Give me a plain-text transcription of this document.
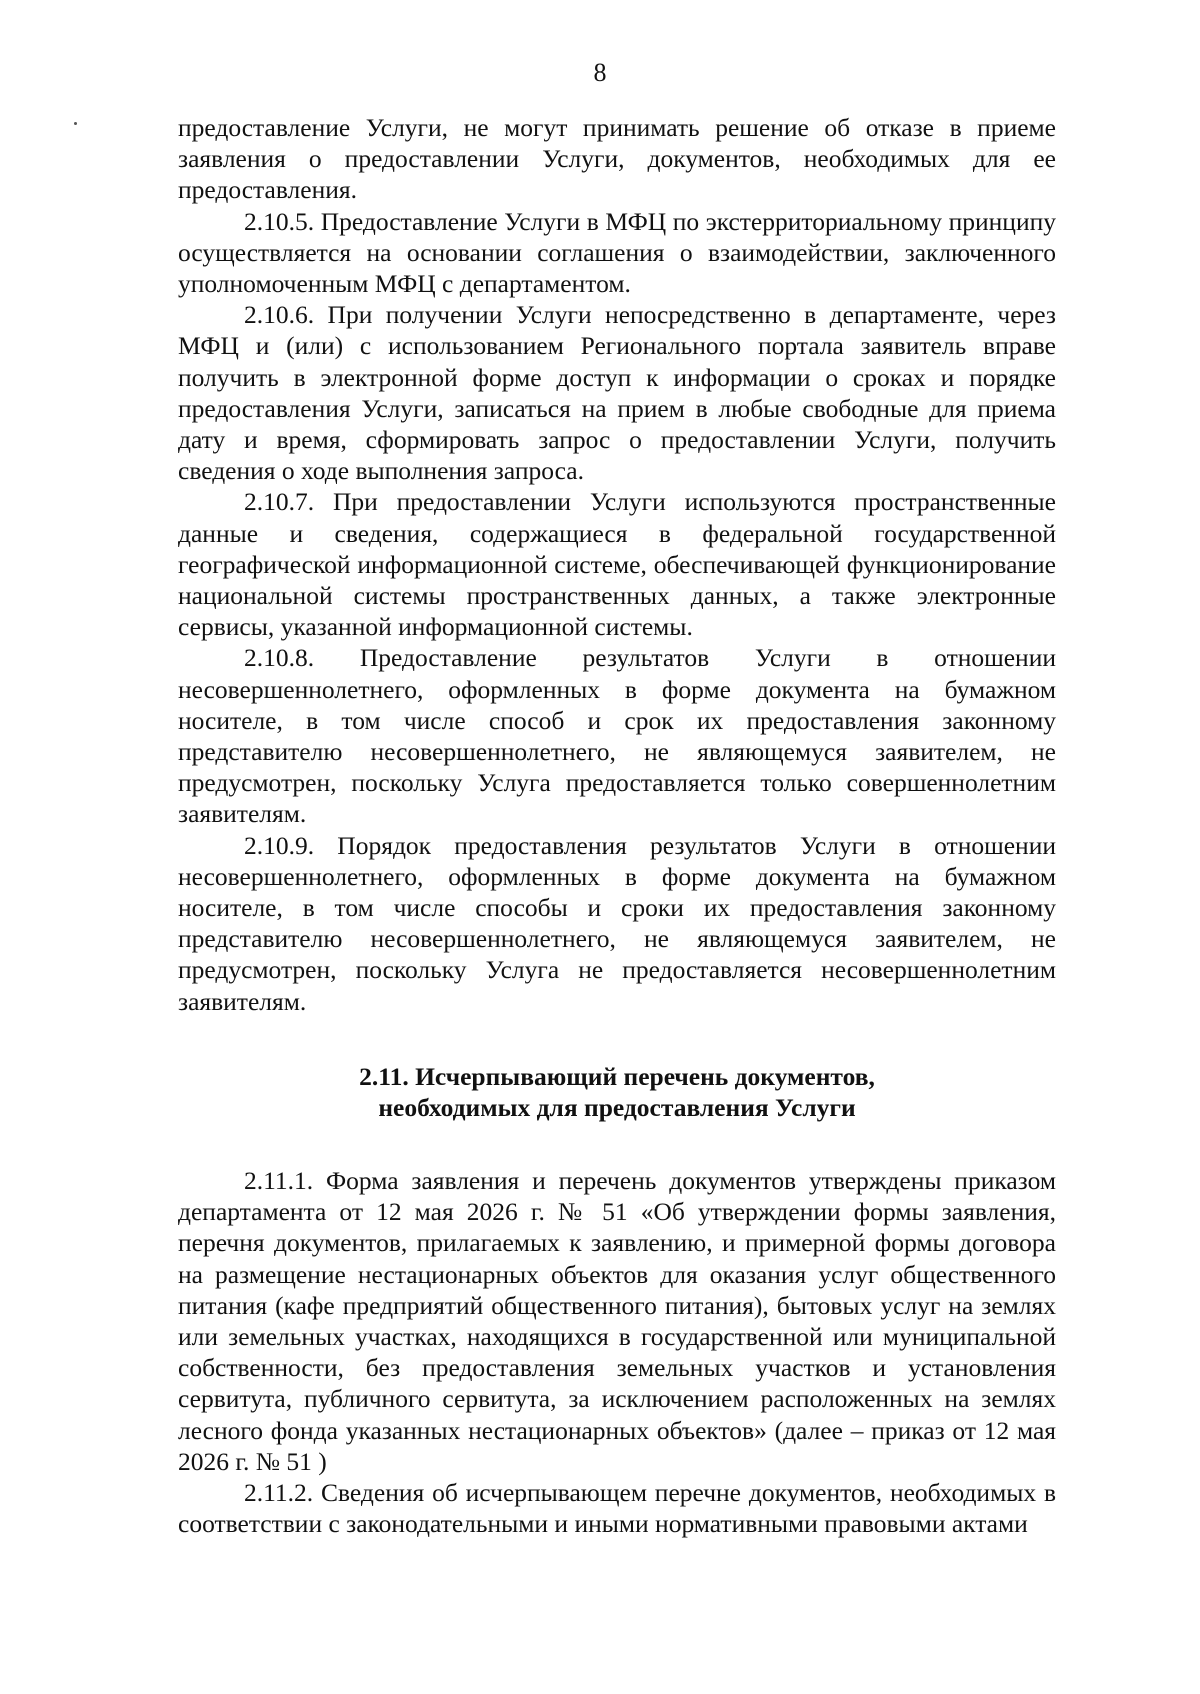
8

предоставление Услуги, не могут принимать решение об отказе в приеме заявления о предоставлении Услуги, документов, необходимых для ее предоставления.

2.10.5. Предоставление Услуги в МФЦ по экстерриториальному принципу осуществляется на основании соглашения о взаимодействии, заключенного уполномоченным МФЦ с департаментом.

2.10.6. При получении Услуги непосредственно в департаменте, через МФЦ и (или) с использованием Регионального портала заявитель вправе получить в электронной форме доступ к информации о сроках и порядке предоставления Услуги, записаться на прием в любые свободные для приема дату и время, сформировать запрос о предоставлении Услуги, получить сведения о ходе выполнения запроса.

2.10.7. При предоставлении Услуги используются пространственные данные и сведения, содержащиеся в федеральной государственной географической информационной системе, обеспечивающей функционирование национальной системы пространственных данных, а также электронные сервисы, указанной информационной системы.

2.10.8. Предоставление результатов Услуги в отношении несовершеннолетнего, оформленных в форме документа на бумажном носителе, в том числе способ и срок их предоставления законному представителю несовершеннолетнего, не являющемуся заявителем, не предусмотрен, поскольку Услуга предоставляется только совершеннолетним заявителям.

2.10.9. Порядок предоставления результатов Услуги в отношении несовершеннолетнего, оформленных в форме документа на бумажном носителе, в том числе способы и сроки их предоставления законному представителю несовершеннолетнего, не являющемуся заявителем, не предусмотрен, поскольку Услуга не предоставляется несовершеннолетним заявителям.

2.11. Исчерпывающий перечень документов,
необходимых для предоставления Услуги

2.11.1. Форма заявления и перечень документов утверждены приказом департамента от 12 мая 2026 г. № 51 «Об утверждении формы заявления, перечня документов, прилагаемых к заявлению, и примерной формы договора на размещение нестационарных объектов для оказания услуг общественного питания (кафе предприятий общественного питания), бытовых услуг на землях или земельных участках, находящихся в государственной или муниципальной собственности, без предоставления земельных участков и установления сервитута, публичного сервитута, за исключением расположенных на землях лесного фонда указанных нестационарных объектов» (далее – приказ от 12 мая 2026 г. № 51 )

2.11.2. Сведения об исчерпывающем перечне документов, необходимых в соответствии с законодательными и иными нормативными правовыми актами
